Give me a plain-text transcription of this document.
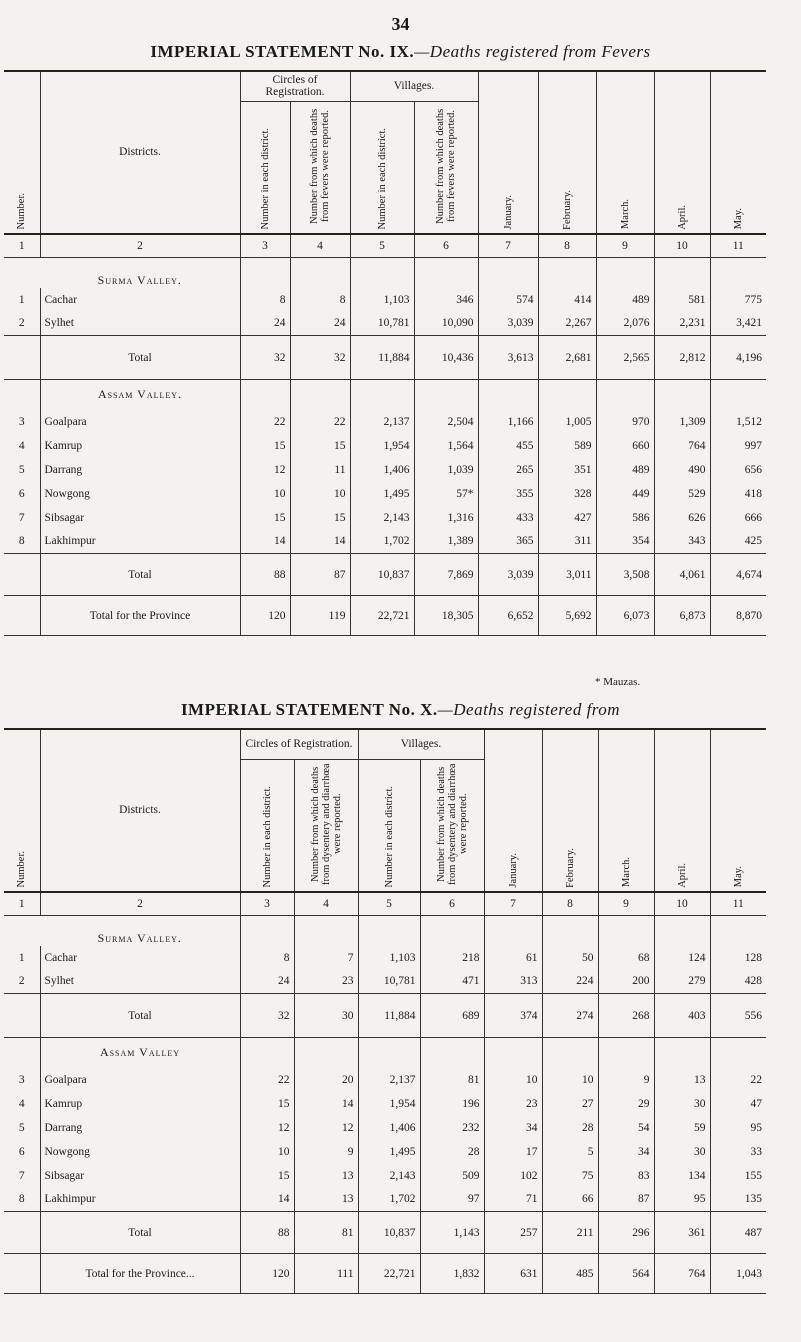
34
IMPERIAL STATEMENT No. IX.—Deaths registered from Fevers
Number.	Districts.	Circles of Registration.		Villages.		January.	February.	March.	April.	May.
		Number in each district.	Number from which deaths from fevers were reported.	Number in each district.	Number from which deaths from fevers were reported.					
1	2	3	4	5	6	7	8	9	10	11
	Surma Valley.									
1	Cachar	8	8	1,103	346	574	414	489	581	775
2	Sylhet	24	24	10,781	10,090	3,039	2,267	2,076	2,231	3,421
	Total	32	32	11,884	10,436	3,613	2,681	2,565	2,812	4,196
	Assam Valley.									
3	Goalpara	22	22	2,137	2,504	1,166	1,005	970	1,309	1,512
4	Kamrup	15	15	1,954	1,564	455	589	660	764	997
5	Darrang	12	11	1,406	1,039	265	351	489	490	656
6	Nowgong	10	10	1,495	57*	355	328	449	529	418
7	Sibsagar	15	15	2,143	1,316	433	427	586	626	666
8	Lakhimpur	14	14	1,702	1,389	365	311	354	343	425
	Total	88	87	10,837	7,869	3,039	3,011	3,508	4,061	4,674
	Total for the Province	120	119	22,721	18,305	6,652	5,692	6,073	6,873	8,870
* Mauzas.
IMPERIAL STATEMENT No. X.—Deaths registered from
Number.	Districts.	Circles of Registration.		Villages.		January.	February.	March.	April.	May.
		Number in each district.	Number from which deaths from dysentery and diarrhœa were reported.	Number in each district.	Number from which deaths from dysentery and diarrhœa were reported.					
1	2	3	4	5	6	7	8	9	10	11
	Surma Valley.									
1	Cachar	8	7	1,103	218	61	50	68	124	128
2	Sylhet	24	23	10,781	471	313	224	200	279	428
	Total	32	30	11,884	689	374	274	268	403	556
	Assam Valley									
3	Goalpara	22	20	2,137	81	10	10	9	13	22
4	Kamrup	15	14	1,954	196	23	27	29	30	47
5	Darrang	12	12	1,406	232	34	28	54	59	95
6	Nowgong	10	9	1,495	28	17	5	34	30	33
7	Sibsagar	15	13	2,143	509	102	75	83	134	155
8	Lakhimpur	14	13	1,702	97	71	66	87	95	135
	Total	88	81	10,837	1,143	257	211	296	361	487
	Total for the Province...	120	111	22,721	1,832	631	485	564	764	1,043
